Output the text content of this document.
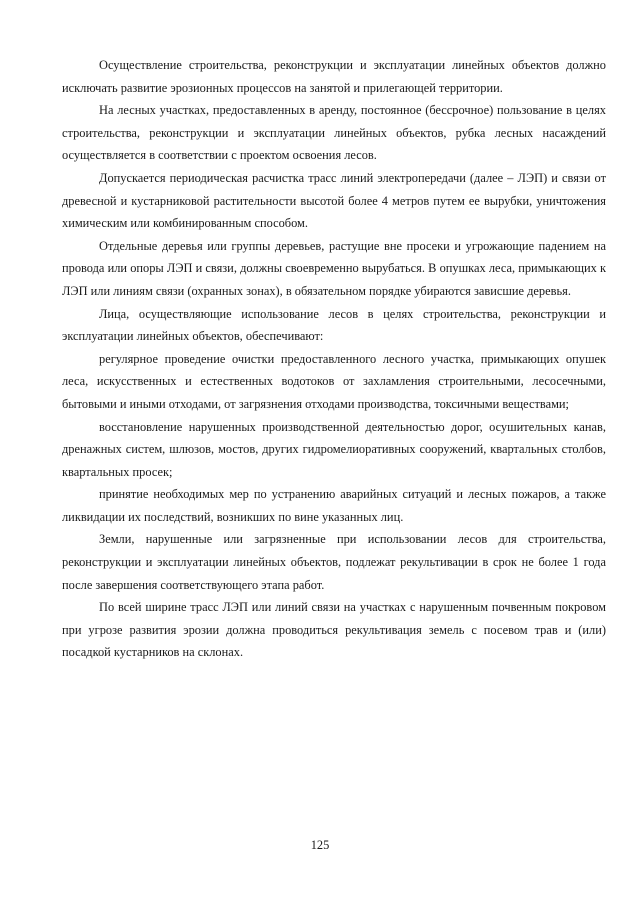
Осуществление строительства, реконструкции и эксплуатации линейных объектов должно исключать развитие эрозионных процессов на занятой и прилегающей территории.

На лесных участках, предоставленных в аренду, постоянное (бессрочное) пользование в целях строительства, реконструкции и эксплуатации линейных объектов, рубка лесных насаждений осуществляется в соответствии с проектом освоения лесов.

Допускается периодическая расчистка трасс линий электропередачи (далее – ЛЭП) и связи от древесной и кустарниковой растительности высотой более 4 метров путем ее вырубки, уничтожения химическим или комбинированным способом.

Отдельные деревья или группы деревьев, растущие вне просеки и угрожающие падением на провода или опоры ЛЭП и связи, должны своевременно вырубаться. В опушках леса, примыкающих к ЛЭП или линиям связи (охранных зонах), в обязательном порядке убираются зависшие деревья.

Лица, осуществляющие использование лесов в целях строительства, реконструкции и эксплуатации линейных объектов, обеспечивают:

регулярное проведение очистки предоставленного лесного участка, примыкающих опушек леса, искусственных и естественных водотоков от захламления строительными, лесосечными, бытовыми и иными отходами, от загрязнения отходами производства, токсичными веществами;

восстановление нарушенных производственной деятельностью дорог, осушительных канав, дренажных систем, шлюзов, мостов, других гидромелиоративных сооружений, квартальных столбов, квартальных просек;

принятие необходимых мер по устранению аварийных ситуаций и лесных пожаров, а также ликвидации их последствий, возникших по вине указанных лиц.

Земли, нарушенные или загрязненные при использовании лесов для строительства, реконструкции и эксплуатации линейных объектов, подлежат рекультивации в срок не более 1 года после завершения соответствующего этапа работ.

По всей ширине трасс ЛЭП или линий связи на участках с нарушенным почвенным покровом при угрозе развития эрозии должна проводиться рекультивация земель с посевом трав и (или) посадкой кустарников на склонах.

125
